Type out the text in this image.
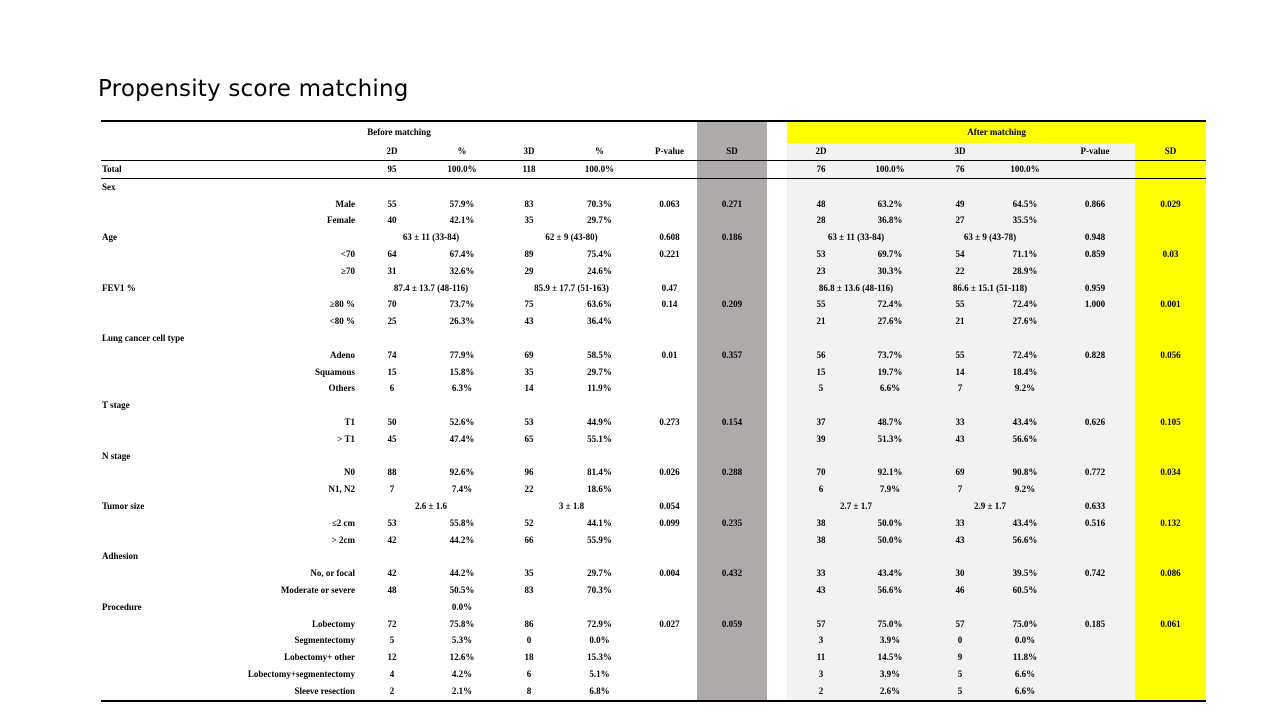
Propensity score matching
Before matching								After matching					
	2D	%	3D	%	P-value	SD		2D		3D		P-value	SD
Total	95	100.0%	118	100.0%				76	100.0%	76	100.0%		
Sex													
Male	55	57.9%	83	70.3%	0.063	0.271		48	63.2%	49	64.5%	0.866	0.029
Female	40	42.1%	35	29.7%				28	36.8%	27	35.5%		
Age	63 ± 11 (33-84)		62 ± 9 (43-80)		0.608	0.186		63 ± 11 (33-84)		63 ± 9 (43-78)		0.948	
<70	64	67.4%	89	75.4%	0.221			53	69.7%	54	71.1%	0.859	0.03
≥70	31	32.6%	29	24.6%				23	30.3%	22	28.9%		
FEV1 %	87.4 ± 13.7 (48-116)		85.9 ± 17.7 (51-163)		0.47			86.8 ± 13.6 (48-116)		86.6 ± 15.1 (51-118)		0.959	
≥80 %	70	73.7%	75	63.6%	0.14	0.209		55	72.4%	55	72.4%	1.000	0.001
<80 %	25	26.3%	43	36.4%				21	27.6%	21	27.6%		
Lung cancer cell type													
Adeno	74	77.9%	69	58.5%	0.01	0.357		56	73.7%	55	72.4%	0.828	0.056
Squamous	15	15.8%	35	29.7%				15	19.7%	14	18.4%		
Others	6	6.3%	14	11.9%				5	6.6%	7	9.2%		
T stage													
T1	50	52.6%	53	44.9%	0.273	0.154		37	48.7%	33	43.4%	0.626	0.105
> T1	45	47.4%	65	55.1%				39	51.3%	43	56.6%		
N stage													
N0	88	92.6%	96	81.4%	0.026	0.288		70	92.1%	69	90.8%	0.772	0.034
N1, N2	7	7.4%	22	18.6%				6	7.9%	7	9.2%		
Tumor size	2.6 ± 1.6		3 ± 1.8		0.054			2.7 ± 1.7		2.9 ± 1.7		0.633	
≤2 cm	53	55.8%	52	44.1%	0.099	0.235		38	50.0%	33	43.4%	0.516	0.132
> 2cm	42	44.2%	66	55.9%				38	50.0%	43	56.6%		
Adhesion													
No, or focal	42	44.2%	35	29.7%	0.004	0.432		33	43.4%	30	39.5%	0.742	0.086
Moderate or severe	48	50.5%	83	70.3%				43	56.6%	46	60.5%		
Procedure		0.0%											
Lobectomy	72	75.8%	86	72.9%	0.027	0.059		57	75.0%	57	75.0%	0.185	0.061
Segmentectomy	5	5.3%	0	0.0%				3	3.9%	0	0.0%		
Lobectomy+ other	12	12.6%	18	15.3%				11	14.5%	9	11.8%		
Lobectomy+segmentectomy	4	4.2%	6	5.1%				3	3.9%	5	6.6%		
Sleeve resection	2	2.1%	8	6.8%				2	2.6%	5	6.6%		
